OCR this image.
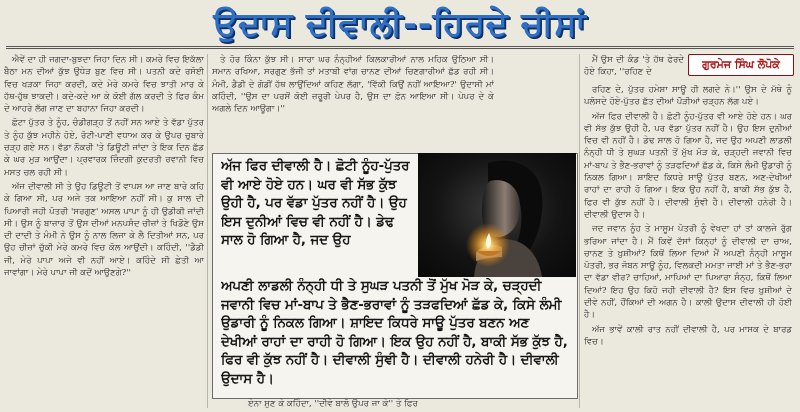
ਉਦਾਸ ਦੀਵਾਲੀ--ਹਿਰਦੇ ਚੀਸਾਂ
ਗੁਰਮੇਜ ਸਿੰਘ ਲੋਪੋਕੇ

ਐਵੇਂ ਦਾ ਹੀ ਜਗਦਾ-ਬੁਝਦਾ ਜਿਹਾ ਦਿਨ ਸੀ। ਕਮਰੇ ਵਿਚ ਇਕੱਲਾ ਬੈਠਾ ਮਨ ਦੀਆਂ ਕੁੱਝ ਉਧੇੜ ਬੁਣ ਵਿਚ ਸੀ। ਪਤਨੀ ਕਦੇ ਰਸੋਈ ਵਿਚ ਖੜਕਾ ਜਿਹਾ ਕਰਦੀ, ਕਦੇ ਮੇਰੇ ਕਮਰੇ ਵਿਚ ਝਾਤੀ ਮਾਰ ਕੇ ਹੱਥ-ਹੁੱਥ ਝਾਕਦੀ। ਕਦੇ-ਕਦੇ ਆ ਕੇ ਕੋਈ ਗੱਲ ਕਰਦੀ ਤੇ ਫਿਰ ਕੰਮ ਦੇ ਆਹਰੇ ਲੱਗ ਜਾਣ ਦਾ ਬਹਾਨਾ ਜਿਹਾ ਕਰਦੀ।

ਛੋਟਾ ਪੁੱਤਰ ਤੇ ਨੂੰਹ, ਚੰਡੀਗੜ੍ਹ ਤੋਂ ਨਹੀਂ ਸਨ ਆਏ ਤੇ ਵੱਡਾ ਪੁੱਤਰ ਤੇ ਨੂੰਹ ਕੁੱਝ ਮਹੀਨੇ ਹੋਏ, ਰੋਟੀ-ਪਾਣੀ ਵਧਾਅ ਕਰ ਕੇ ਉਪਰ ਚੁਬਾਰੇ ਚੜ੍ਹ ਗਏ ਸਨ। ਵੱਡਾ ਨੌਕਰੀ 'ਤੇ ਡਿਊਟੀ ਜਾਂਦਾ ਤੇ ਇਕ ਦਿਨ ਛੱਡ ਕੇ ਘਰ ਮੁੜ ਆਉਂਦਾ। ਪ੍ਰਵਾਰਕ ਜ਼ਿੰਦਗੀ ਕੁਦਰਤੀ ਰਵਾਨੀ ਵਿਚ ਮਸਤ ਚਲ ਰਹੀ ਸੀ।

ਅੱਜ ਦੀਵਾਲੀ ਸੀ ਤੇ ਉਹ ਡਿਊਟੀ ਤੋਂ ਵਾਪਸ ਆ ਜਾਣ ਬਾਰੇ ਕਹਿ ਕੇ ਗਿਆ ਸੀ, ਪਰ ਅਜੇ ਤਕ ਆਇਆ ਨਹੀਂ ਸੀ। ਕੁ ਸਾਲ ਦੀ ਪਿਆਰੀ ਜਹੀ ਪੋਤਰੀ 'ਸਰਗੁਣ' ਅਸਲ ਪਾਪਾ ਨੂੰ ਹੀ ਉਡੀਕੀ ਜਾਂਦੀ ਸੀ। ਉਸ ਨੂੰ ਬਾਜ਼ਾਰ ਤੋਂ ਉਸ ਦੀਆਂ ਮਨਪਸੰਦ ਚੀਜ਼ਾਂ ਤੇ ਖਿਡੌਣੇ ਉਸ ਦੀ ਦਾਦੀ ਤੇ ਮੰਮੀ ਨੇ ਉਸ ਨੂੰ ਨਾਲ ਲਿਜਾ ਕੇ ਲੈ ਦਿਤੀਆਂ ਸਨ, ਪਰ ਉਹ ਚੀਜ਼ਾਂ ਚੁੱਕੀ ਮੇਰੇ ਕਮਰੇ ਵਿਚ ਕੋਲ ਆਉਂਦੀ। ਕਹਿੰਦੀ, ''ਡੈਡੀ ਜੀ, ਮੇਰੇ ਪਾਪਾ ਅਜੇ ਵੀ ਨਹੀਂ ਆਏ। ਕਹਿੰਦੇ ਸੀ ਛੇਤੀ ਆ ਜਾਵਾਂਗਾ। ਮੇਰੇ ਪਾਪਾ ਜੀ ਕਦੋਂ ਆਉਣਗੇ?''

ਤੇ ਹੋਰ ਕਿੰਨਾ ਕੁੱਝ ਸੀ। ਸਾਰਾ ਘਰ ਨੰਨ੍ਹੀਆਂ ਕਿਲਕਾਰੀਆਂ ਨਾਲ ਮਹਿਕ ਉਠਿਆ ਸੀ। ਸਮਾਨ ਰਖਿਆ, ਸਰਗੁਣ ਭੱਜੀ ਤਾਂ ਮਤਾਬੀ ਵਾਂਗ ਚਾਨਣ ਦੀਆਂ ਚਿਣਗਾਰੀਆਂ ਛੱਡ ਰਹੀ ਸੀ। ਮੰਮੀ, ਡੈਡੀ ਦੇ ਗੋਡੀਂ ਹੱਥ ਲਾਉਂਦਿਆਂ ਕਹਿਣ ਲੱਗਾ, 'ਵਿੱਕੀ ਕਿਉਂ ਨਹੀਂ ਆਇਆ?' ਉਦਾਸੀ ਮਾਂ ਕਹਿੰਦੀ, ''ਉਸ ਦਾ ਪਰਸੋਂ ਕੋਈ ਜ਼ਰੂਰੀ ਪੇਪਰ ਹੈ, ਉਸ ਦਾ ਫ਼ੋਨ ਆਇਆ ਸੀ। ਪੇਪਰ ਦੇ ਕੇ ਅਗਲੇ ਦਿਨ ਆਊਗਾ।''

ਅੱਜ ਫਿਰ ਦੀਵਾਲੀ ਹੈ। ਛੋਟੀ ਨੂੰਹ-ਪੁੱਤਰ ਵੀ ਆਏ ਹੋਏ ਹਨ। ਘਰ ਵੀ ਸੱਭ ਕੁੱਝ ਉਹੀ ਹੈ, ਪਰ ਵੱਡਾ ਪੁੱਤਰ ਨਹੀਂ ਹੈ। ਉਹ ਇਸ ਦੁਨੀਆਂ ਵਿਚ ਵੀ ਨਹੀਂ ਹੈ। ਡੇਢ ਸਾਲ ਹੋ ਗਿਆ ਹੈ, ਜਦ ਉਹ
ਅਪਣੀ ਲਾਡਲੀ ਨੰਨ੍ਹੀ ਧੀ ਤੇ ਸੁਘੜ ਪਤਨੀ ਤੋਂ ਮੁੱਖ ਮੋੜ ਕੇ, ਚੜ੍ਹਦੀ ਜਵਾਨੀ ਵਿਚ ਮਾਂ-ਬਾਪ ਤੇ ਭੈਣ-ਭਰਾਵਾਂ ਨੂੰ ਤੜਫਦਿਆਂ ਛੱਡ ਕੇ, ਕਿਸੇ ਲੰਮੀ ਉਡਾਰੀ ਨੂੰ ਨਿਕਲ ਗਿਆ। ਸ਼ਾਇਦ ਕਿਧਰੇ ਸਾਊ ਪੁੱਤਰ ਬਣਨ ਅਣ ਦੇਖੀਆਂ ਰਾਹਾਂ ਦਾ ਰਾਹੀ ਹੋ ਗਿਆ। ਇਕ ਉਹ ਨਹੀਂ ਹੈ, ਬਾਕੀ ਸੱਭ ਕੁੱਝ ਹੈ, ਫਿਰ ਵੀ ਕੁੱਝ ਨਹੀਂ ਹੈ। ਦੀਵਾਲੀ ਸੁੰਞੀ ਹੈ। ਦੀਵਾਲੀ ਹਨੇਰੀ ਹੈ। ਦੀਵਾਲੀ ਉਦਾਸ ਹੈ।

ਮੈਂ ਉਸ ਦੀ ਕੰਡ 'ਤੇ ਹੱਥ ਫੇਰਦੇ ਹੋਏ ਕਿਹਾ, ''ਰਹਿਣ ਦੇ

ਰਹਿਣ ਦੇ, ਪੁੱਤਰ ਹਮੇਸ਼ਾ ਸਾਊ ਹੀ ਲਗਦੇ ਨੇ।'' ਉਸ ਦੇ ਮੱਥੇ ਨੂੰ ਪਲੋਸਦੇ ਹੋਏ-ਪੁੱਤਰ ਛੱਤ ਦੀਆਂ ਪੌੜੀਆਂ ਚੜ੍ਹਨ ਲੱਗ ਪਏ।

ਅੱਜ ਫਿਰ ਦੀਵਾਲੀ ਹੈ। ਛੋਟੀ ਨੂੰਹ-ਪੁੱਤਰ ਵੀ ਆਏ ਹੋਏ ਹਨ। ਘਰ ਵੀ ਸੱਭ ਕੁੱਝ ਉਹੀ ਹੈ, ਪਰ ਵੱਡਾ ਪੁੱਤਰ ਨਹੀਂ ਹੈ। ਉਹ ਇਸ ਦੁਨੀਆਂ ਵਿਚ ਵੀ ਨਹੀਂ ਹੈ। ਡੇਢ ਸਾਲ ਹੋ ਗਿਆ ਹੈ, ਜਦ ਉਹ ਅਪਣੀ ਲਾਡਲੀ ਨੰਨ੍ਹੀ ਧੀ ਤੇ ਸੁਘੜ ਪਤਨੀ ਤੋਂ ਮੁੱਖ ਮੋੜ ਕੇ, ਚੜ੍ਹਦੀ ਜਵਾਨੀ ਵਿਚ ਮਾਂ-ਬਾਪ ਤੇ ਭੈਣ-ਭਰਾਵਾਂ ਨੂੰ ਤੜਫਦਿਆਂ ਛੱਡ ਕੇ, ਕਿਸੇ ਲੰਮੀ ਉਡਾਰੀ ਨੂੰ ਨਿਕਲ ਗਿਆ। ਸ਼ਾਇਦ ਕਿਧਰੇ ਸਾਊ ਪੁੱਤਰ ਬਣਨ, ਅਣ-ਦੇਖੀਆਂ ਰਾਹਾਂ ਦਾ ਰਾਹੀ ਹੋ ਗਿਆ। ਇਕ ਉਹ ਨਹੀਂ ਹੈ, ਬਾਕੀ ਸੱਭ ਕੁੱਝ ਹੈ, ਫਿਰ ਵੀ ਕੁੱਝ ਨਹੀਂ ਹੈ। ਦੀਵਾਲੀ ਸੁੰਞੀ ਹੈ। ਦੀਵਾਲੀ ਹਨੇਰੀ ਹੈ। ਦੀਵਾਲੀ ਉਦਾਸ ਹੈ।

ਜਦ ਜਵਾਨ ਨੂੰਹ ਤੇ ਮਾਸੂਮ ਪੋਤਰੀ ਨੂੰ ਵੇਖਦਾ ਹਾਂ ਤਾਂ ਕਾਲਜੇ ਰੁੱਗ ਭਰਿਆ ਜਾਂਦਾ ਹੈ। ਮੈਂ ਕਿਵੇਂ ਦੱਸਾਂ ਕਿਨ੍ਹਾਂ ਨੂੰ ਦੀਵਾਲੀ ਦਾ ਚਾਅ, ਚਾਨਣ ਤੇ ਖ਼ੁਸ਼ੀਆਂ? ਕਿਥੋਂ ਲਿਆ ਦਿਆਂ ਮੈਂ ਅਪਣੀ ਨੰਨ੍ਹੀ ਮਾਸੂਮ ਪੋਤਰੀ, ਭਰ ਜੋਬਨ ਸਾਊ ਨੂੰਹ, ਵਿਲਕਦੀ ਮਮਤਾ ਜਾਈ ਮਾਂ ਤੇ ਭੈਣ-ਭਰਾ ਦਾ ਵੱਡਾ ਵੀਰ? ਚਾਹਿਆਂ, ਮਾਪਿਆਂ ਦਾ ਪਿਆਰਾ ਸੰਨ੍ਹ, ਕਿਥੋਂ ਲਿਆ ਦਿਆਂ? ਇਹ ਉਹ ਕਿਹੋ ਜਹੀ ਦੀਵਾਲੀ ਹੈ? ਇਸ ਵਿਚ ਖ਼ੁਸ਼ੀਆਂ ਦੇ ਦੀਵੇ ਨਹੀਂ, ਹੌਂਕਿਆਂ ਦੀ ਅਗਨ ਹੈ। ਕਾਲੀ ਉਦਾਸ ਦੀਵਾਲੀ ਹੀ ਹੋਈ ਹੈ।

ਅੱਜ ਭਾਵੇਂ ਕਾਲੀ ਰਾਤ ਨਹੀਂ ਦੀਵਾਲੀ ਹੈ, ਪਰ ਮਾਸਕ ਦੇ ਬਾਰਡ ਵਿਚ।

ਏਨਾ ਸੁਣ ਕੇ ਕਹਿੰਦਾ, ''ਦੀਵੇ ਬਾਲੋ ਉਪਰ ਜਾ ਕੇ'' ਤੇ ਫਿਰ
